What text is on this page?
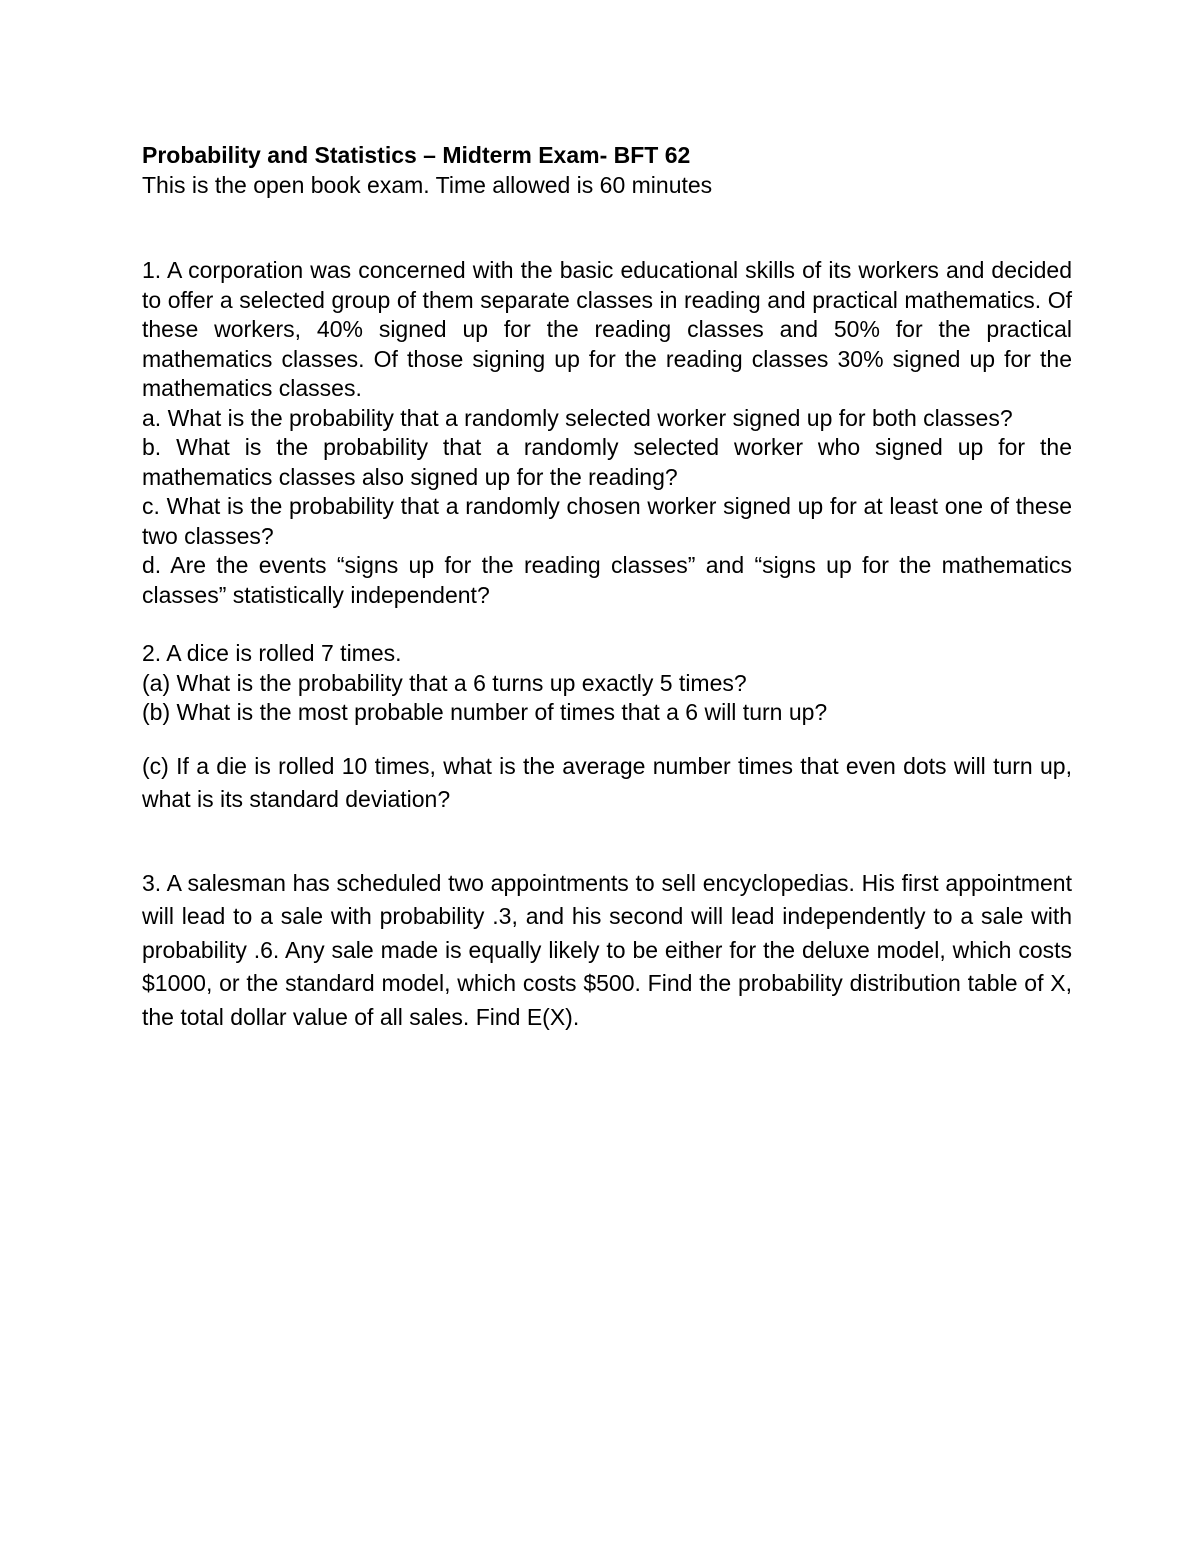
Probability and Statistics – Midterm Exam- BFT 62

This is the open book exam. Time allowed is 60 minutes

1. A corporation was concerned with the basic educational skills of its workers and decided to offer a selected group of them separate classes in reading and practical mathematics. Of these workers, 40% signed up for the reading classes and 50% for the practical mathematics classes. Of those signing up for the reading classes 30% signed up for the mathematics classes.

a. What is the probability that a randomly selected worker signed up for both classes?

b. What is the probability that a randomly selected worker who signed up for the mathematics classes also signed up for the reading?

c. What is the probability that a randomly chosen worker signed up for at least one of these two classes?

d. Are the events “signs up for the reading classes” and “signs up for the mathematics classes” statistically independent?

2. A dice is rolled 7 times.

(a) What is the probability that a 6 turns up exactly 5 times?

(b) What is the most probable number of times that a 6 will turn up?

(c) If a die is rolled 10 times, what is the average number times that even dots will turn up, what is its standard deviation?

3. A salesman has scheduled two appointments to sell encyclopedias. His first appointment will lead to a sale with probability .3, and his second will lead independently to a sale with probability .6. Any sale made is equally likely to be either for the deluxe model, which costs $1000, or the standard model, which costs $500. Find the probability distribution table of X, the total dollar value of all sales. Find E(X).
